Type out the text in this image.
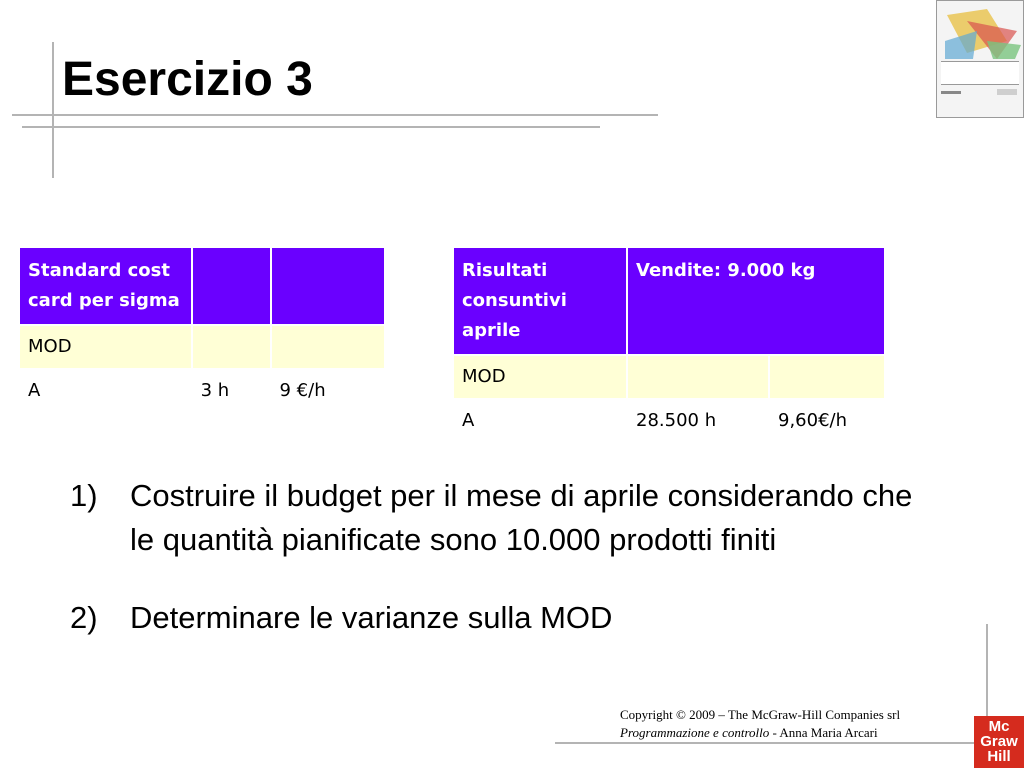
Esercizio 3
Standard cost card per sigma		
MOD		
A	3 h	9 €/h
Risultati consuntivi aprile	Vendite: 9.000 kg	
MOD		
A	28.500 h	9,60€/h
1)	Costruire il budget per il mese di aprile considerando che le quantità pianificate sono 10.000 prodotti finiti
2)	Determinare le varianze sulla MOD
Copyright © 2009 – The McGraw-Hill Companies srl
Programmazione e controllo - Anna Maria Arcari	Mc
Graw
Hill
